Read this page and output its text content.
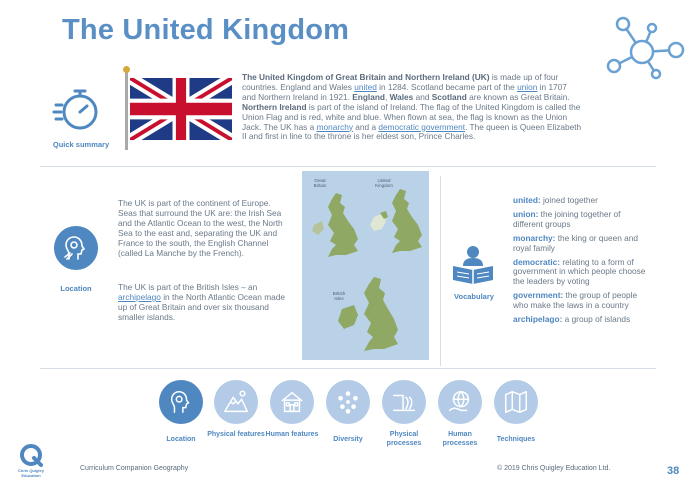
The United Kingdom
Quick summary
The United Kingdom of Great Britain and Northern Ireland (UK) is made up of four countries. England and Wales united in 1284. Scotland became part of the union in 1707 and Northern Ireland in 1921. England, Wales and Scotland are known as Great Britain. Northern Ireland is part of the island of Ireland. The flag of the United Kingdom is called the Union Flag and is red, white and blue. When flown at sea, the flag is known as the Union Jack. The UK has a monarchy and a democratic government. The queen is Queen Elizabeth II and first in line to the throne is her eldest son, Prince Charles.
Location
The UK is part of the continent of Europe. Seas that surround the UK are: the Irish Sea and the Atlantic Ocean to the west, the North Sea to the east and, separating the UK and France to the south, the English Channel (called La Manche by the French).
The UK is part of the British Isles – an archipelago in the North Atlantic Ocean made up of Great Britain and over six thousand smaller islands.
Great Britain
United Kingdom
British Isles	Vocabulary
united: joined together
union: the joining together of different groups
monarchy: the king or queen and royal family
democratic: relating to a form of government in which people choose the leaders by voting
government: the group of people who make the laws in a country
archipelago: a group of islands
Location
Physical features Human features
Diversity
Physical processes
Human processes	Techniques
Chris Quigley Education
Curriculum Companion Geography	© 2019 Chris Quigley Education Ltd.	38
